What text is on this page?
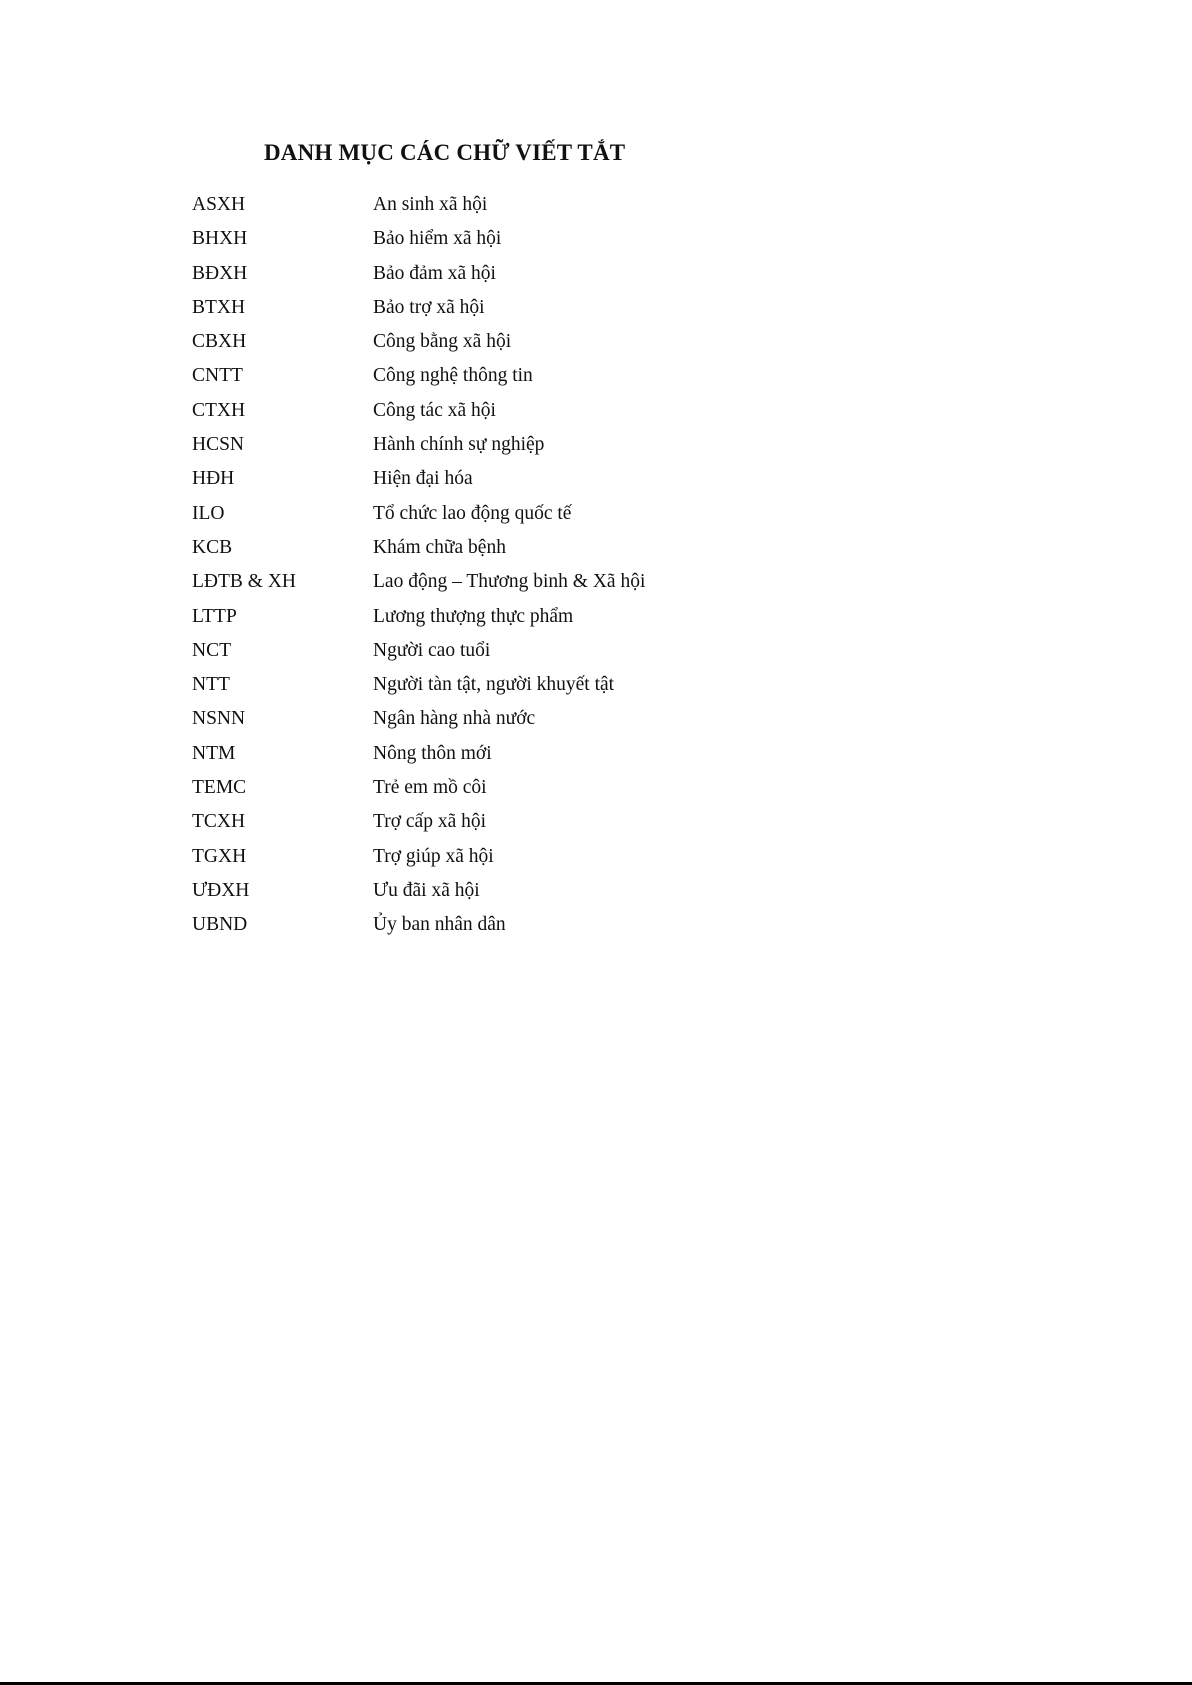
DANH MỤC CÁC CHỮ VIẾT TẮT
ASXH	An sinh xã hội
BHXH	Bảo hiểm xã hội
BĐXH	Bảo đảm xã hội
BTXH	Bảo trợ xã hội
CBXH	Công bằng xã hội
CNTT	Công nghệ thông tin
CTXH	Công tác xã hội
HCSN	Hành chính sự nghiệp
HĐH	Hiện đại hóa
ILO	Tổ chức lao động quốc tế
KCB	Khám chữa bệnh
LĐTB & XH	Lao động – Thương binh & Xã hội
LTTP	Lương thượng thực phẩm
NCT	Người cao tuổi
NTT	Người tàn tật, người khuyết tật
NSNN	Ngân hàng nhà nước
NTM	Nông thôn mới
TEMC	Trẻ em mồ côi
TCXH	Trợ cấp xã hội
TGXH	Trợ giúp xã hội
ƯĐXH	Ưu đãi xã hội
UBND	Ủy ban nhân dân
